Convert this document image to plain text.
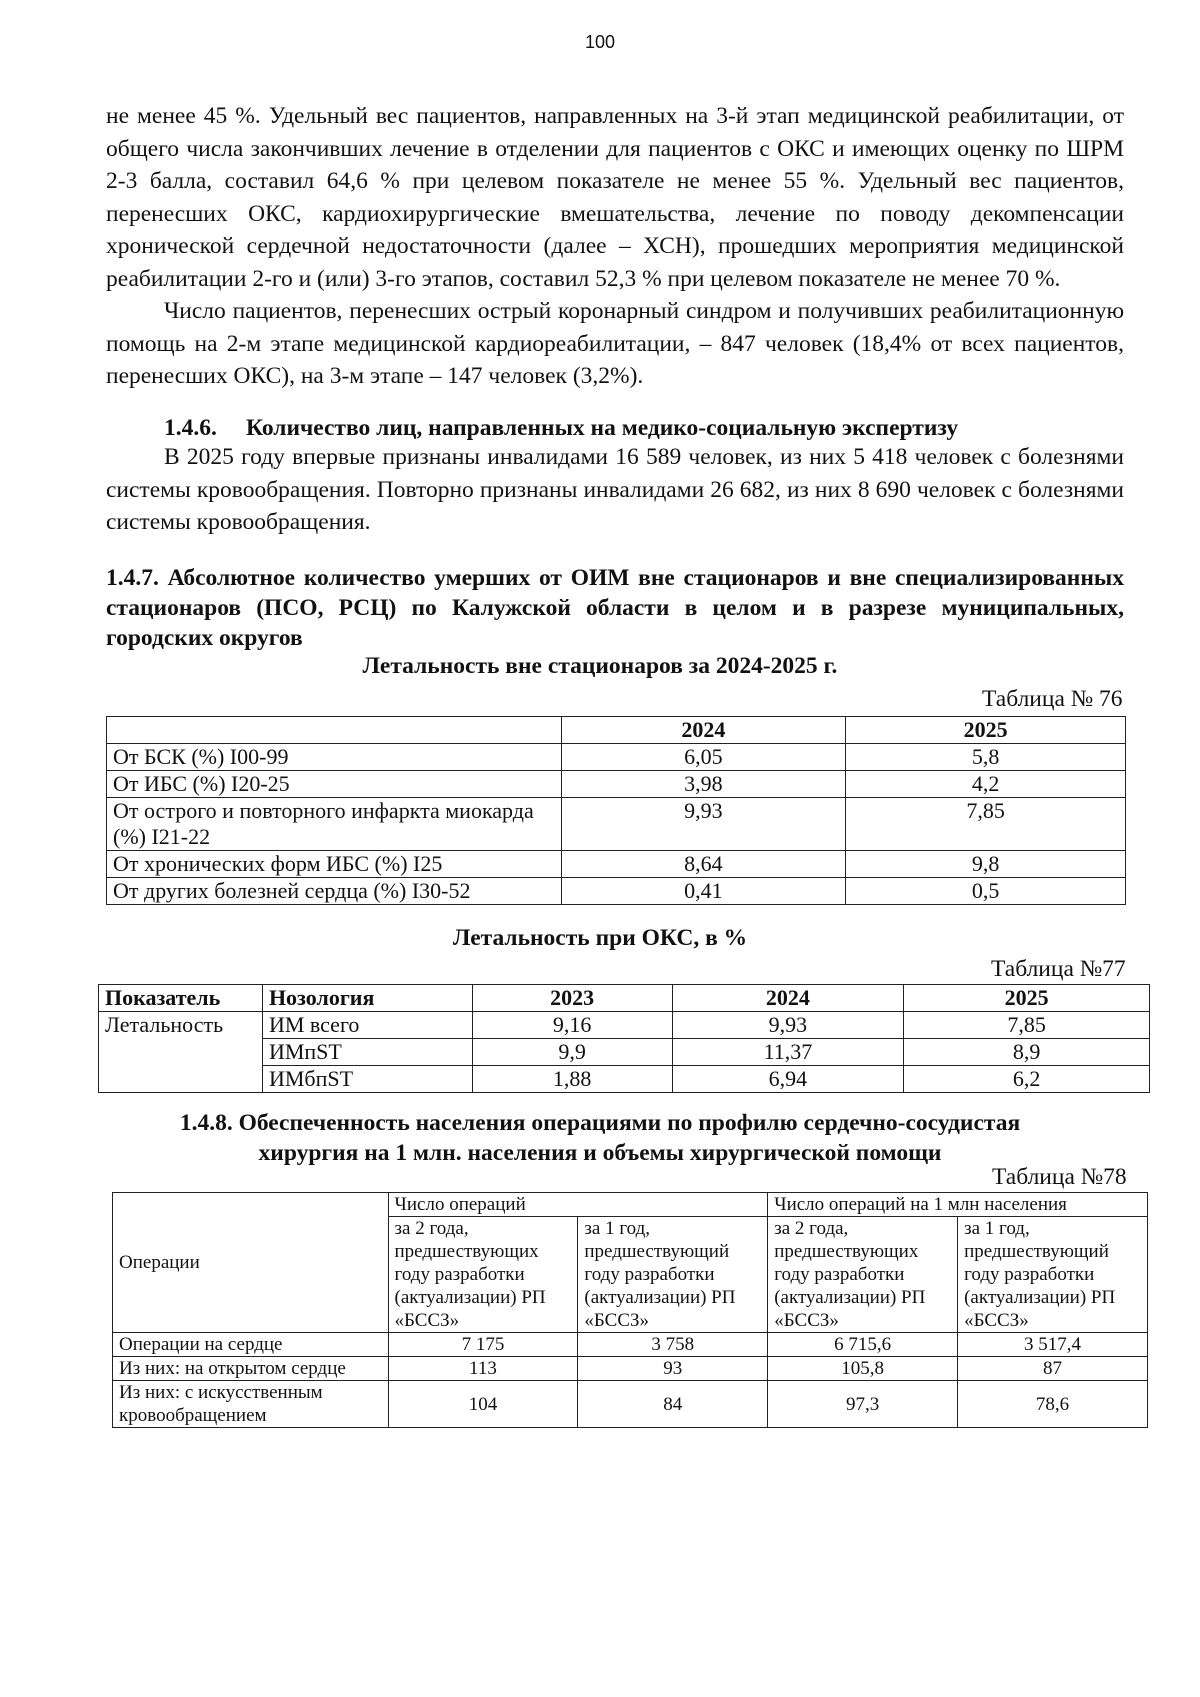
100

не менее 45 %. Удельный вес пациентов, направленных на 3-й этап медицинской реабилитации, от общего числа закончивших лечение в отделении для пациентов с ОКС и имеющих оценку по ШРМ 2-3 балла, составил 64,6 % при целевом показателе не менее 55 %. Удельный вес пациентов, перенесших ОКС, кардиохирургические вмешательства, лечение по поводу декомпенсации хронической сердечной недостаточности (далее – ХСН), прошедших мероприятия медицинской реабилитации 2-го и (или) 3-го этапов, составил 52,3 % при целевом показателе не менее 70 %.

Число пациентов, перенесших острый коронарный синдром и получивших реабилитационную помощь на 2-м этапе медицинской кардиореабилитации, – 847 человек (18,4% от всех пациентов, перенесших ОКС), на 3-м этапе – 147 человек (3,2%).

1.4.6. Количество лиц, направленных на медико-социальную экспертизу

В 2025 году впервые признаны инвалидами 16 589 человек, из них 5 418 человек с болезнями системы кровообращения. Повторно признаны инвалидами 26 682, из них 8 690 человек с болезнями системы кровообращения.

1.4.7. Абсолютное количество умерших от ОИМ вне стационаров и вне специализированных стационаров (ПСО, РСЦ) по Калужской области в целом и в разрезе муниципальных, городских округов
Летальность вне стационаров за 2024-2025 г.
Таблица № 76
	2024	2025
От БСК (%) I00-99	6,05	5,8
От ИБС (%) I20-25	3,98	4,2
От острого и повторного инфаркта миокарда (%) I21-22	9,93	7,85
От хронических форм ИБС (%) I25	8,64	9,8
От других болезней сердца (%) I30-52	0,41	0,5
Летальность при ОКС, в %
Таблица №77
Показатель	Нозология	2023	2024	2025
Летальность	ИМ всего	9,16	9,93	7,85
	ИМпST	9,9	11,37	8,9
	ИМбпST	1,88	6,94	6,2
1.4.8. Обеспеченность населения операциями по профилю сердечно-сосудистая
хирургия на 1 млн. населения и объемы хирургической помощи
Таблица №78
Операции	Число операций		Число операций на 1 млн населения	
	за 2 года, предшествующих году разработки (актуализации) РП «БССЗ»	за 1 год, предшествующий году разработки (актуализации) РП «БССЗ»	за 2 года, предшествующих году разработки (актуализации) РП «БССЗ»	за 1 год, предшествующий году разработки (актуализации) РП «БССЗ»
Операции на сердце	7 175	3 758	6 715,6	3 517,4
Из них: на открытом сердце	113	93	105,8	87
Из них: с искусственным кровообращением	104	84	97,3	78,6
